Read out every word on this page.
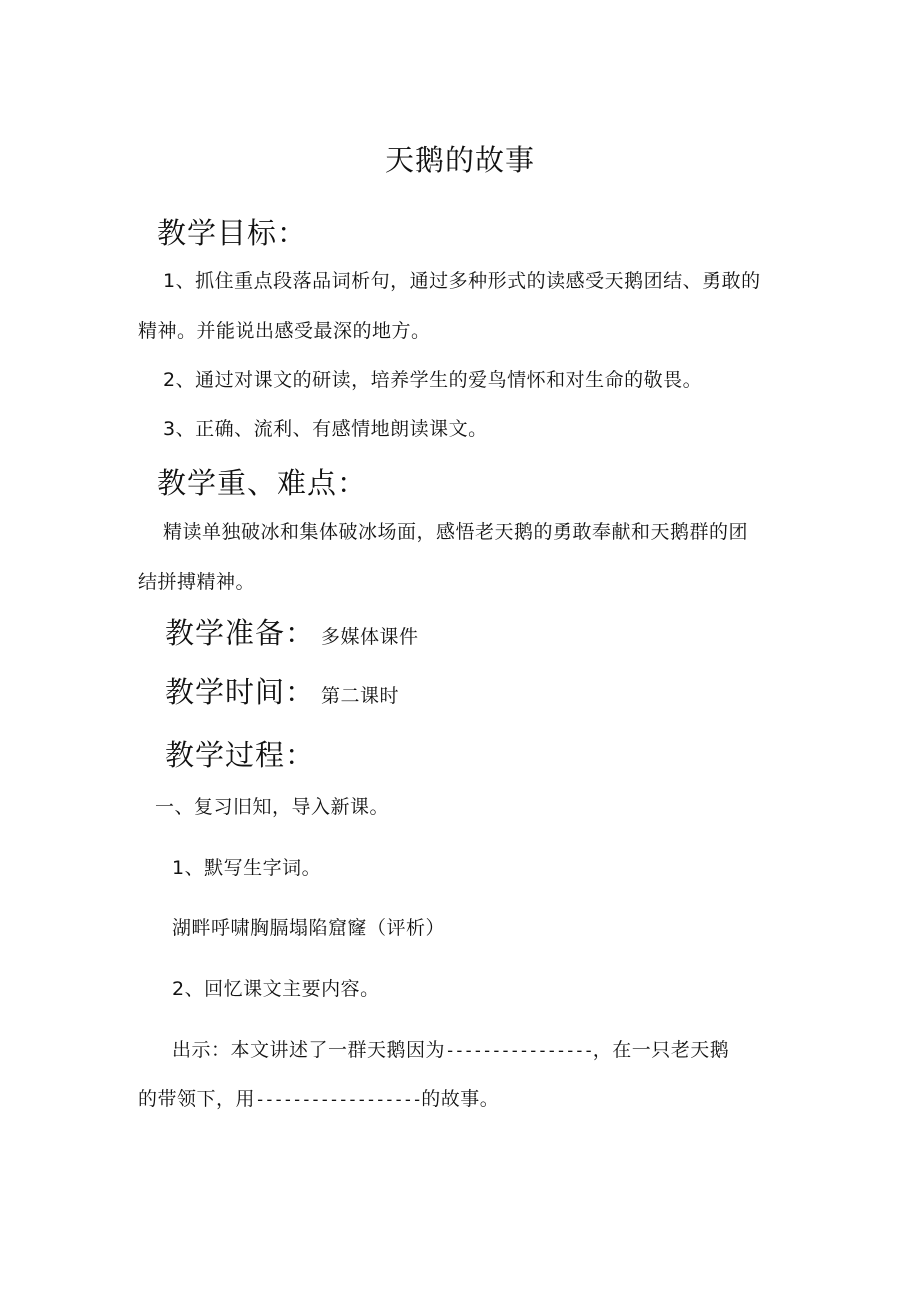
天鹅的故事
教学目标：
1、抓住重点段落品词析句，通过多种形式的读感受天鹅团结、勇敢的
精神。并能说出感受最深的地方。
2、通过对课文的研读，培养学生的爱鸟情怀和对生命的敬畏。
3、正确、流利、有感情地朗读课文。
教学重、难点：
精读单独破冰和集体破冰场面，感悟老天鹅的勇敢奉献和天鹅群的团
结拼搏精神。
教学准备： 多媒体课件
教学时间： 第二课时
教学过程：
一、复习旧知，导入新课。
1、默写生字词。
湖畔呼啸胸膈塌陷窟窿（评析）
2、回忆课文主要内容。
出示：本文讲述了一群天鹅因为----------------，在一只老天鹅
的带领下，用------------------的故事。
